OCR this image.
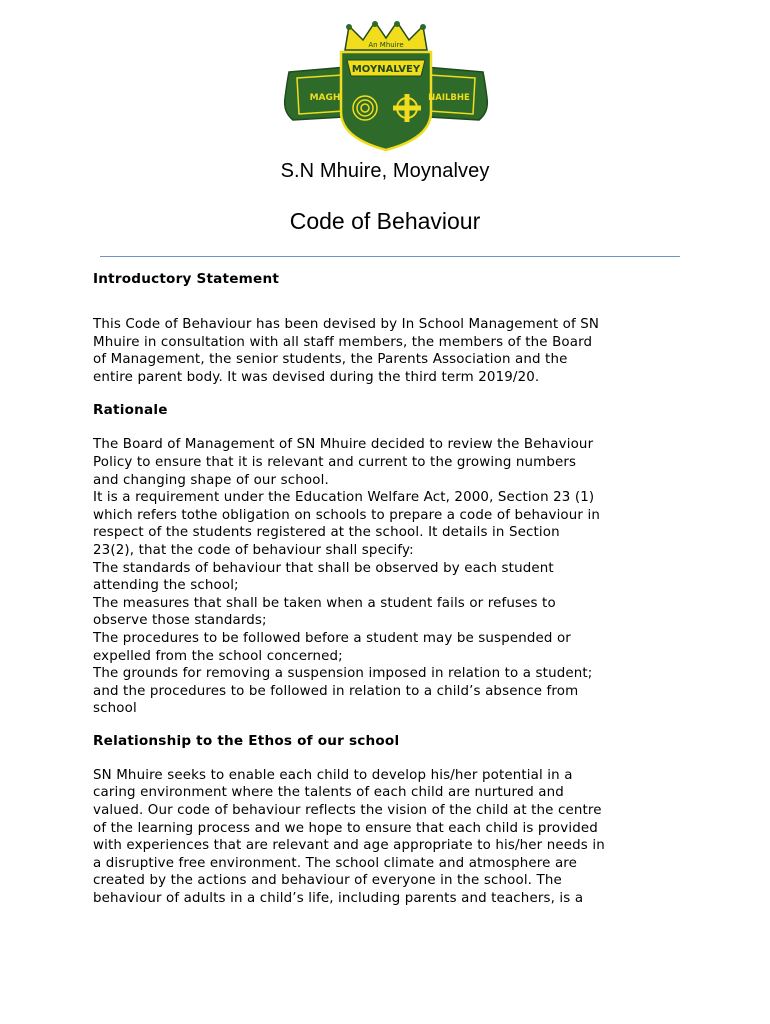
An Mhuire
MOYNALVEY
MAGH	NAILBHE
S.N Mhuire, Moynalvey
Code of Behaviour
Introductory Statement

This Code of Behaviour has been devised by In School Management of SN
Mhuire in consultation with all staff members, the members of the Board
of Management, the senior students, the Parents Association and the
entire parent body. It was devised during the third term 2019/20.

Rationale

The Board of Management of SN Mhuire decided to review the Behaviour
Policy to ensure that it is relevant and current to the growing numbers
and changing shape of our school.
It is a requirement under the Education Welfare Act, 2000, Section 23 (1)
which refers tothe obligation on schools to prepare a code of behaviour in
respect of the students registered at the school. It details in Section
23(2), that the code of behaviour shall specify:
The standards of behaviour that shall be observed by each student
attending the school;
The measures that shall be taken when a student fails or refuses to
observe those standards;
The procedures to be followed before a student may be suspended or
expelled from the school concerned;
The grounds for removing a suspension imposed in relation to a student;
and the procedures to be followed in relation to a child’s absence from
school

Relationship to the Ethos of our school

SN Mhuire seeks to enable each child to develop his/her potential in a
caring environment where the talents of each child are nurtured and
valued. Our code of behaviour reflects the vision of the child at the centre
of the learning process and we hope to ensure that each child is provided
with experiences that are relevant and age appropriate to his/her needs in
a disruptive free environment. The school climate and atmosphere are
created by the actions and behaviour of everyone in the school. The
behaviour of adults in a child’s life, including parents and teachers, is a
